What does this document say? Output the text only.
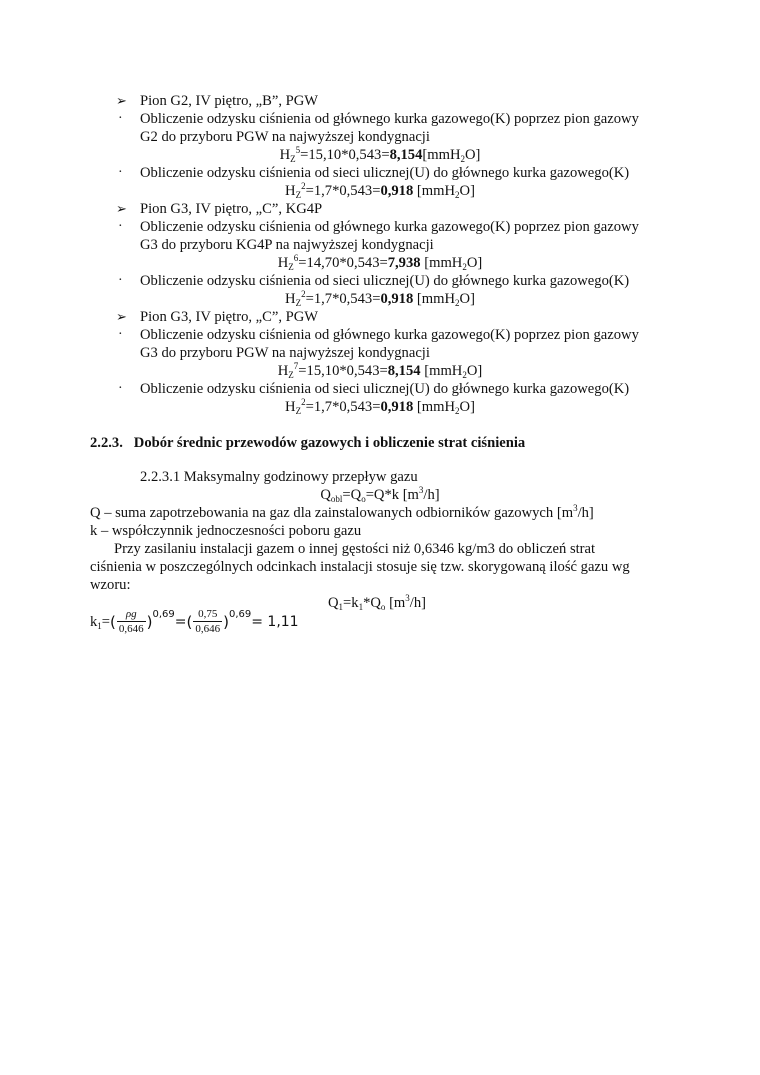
➢ Pion G2, IV piętro, „B”, PGW
· Obliczenie odzysku ciśnienia od głównego kurka gazowego(K) poprzez pion gazowy
G2 do przyboru PGW na najwyższej kondygnacji
$H_Z^5=15,10*0,543=8,154[mmH_2O]$
· Obliczenie odzysku ciśnienia od sieci ulicznej(U) do głównego kurka gazowego(K)
$H_Z^2=1,7*0,543=0,918$ [mmH$_2$O]
➢ Pion G3, IV piętro, „C”, KG4P
· Obliczenie odzysku ciśnienia od głównego kurka gazowego(K) poprzez pion gazowy
G3 do przyboru KG4P na najwyższej kondygnacji
$H_Z^6=14,70*0,543=7,938$ [mmH$_2$O]
· Obliczenie odzysku ciśnienia od sieci ulicznej(U) do głównego kurka gazowego(K)
$H_Z^2=1,7*0,543=0,918$ [mmH$_2$O]
➢ Pion G3, IV piętro, „C”, PGW
· Obliczenie odzysku ciśnienia od głównego kurka gazowego(K) poprzez pion gazowy
G3 do przyboru PGW na najwyższej kondygnacji
$H_Z^7=15,10*0,543=8,154$ [mmH$_2$O]
· Obliczenie odzysku ciśnienia od sieci ulicznej(U) do głównego kurka gazowego(K)
$H_Z^2=1,7*0,543=0,918$ [mmH$_2$O]
2.2.3. Dobór średnic przewodów gazowych i obliczenie strat ciśnienia
2.2.3.1 Maksymalny godzinowy przepływ gazu
$Q_{obl}=Q_o=Q*k$ $[m^3/h]$
Q – suma zapotrzebowania na gaz dla zainstalowanych odbiorników gazowych $[m^3/h]$
k – współczynnik jednoczesności poboru gazu
Przy zasilaniu instalacji gazem o innej gęstości niż 0,6346 kg/m3 do obliczeń strat
ciśnienia w poszczególnych odcinkach instalacji stosuje się tzw. skorygowaną ilość gazu wg
wzoru:
$Q_1=k_1*Q_o$ $[m^3/h]$
$k_1=( \frac{\rho g}{0,646} )0,69=( \frac{0,75}{0,646} )0,69= 1,11$
